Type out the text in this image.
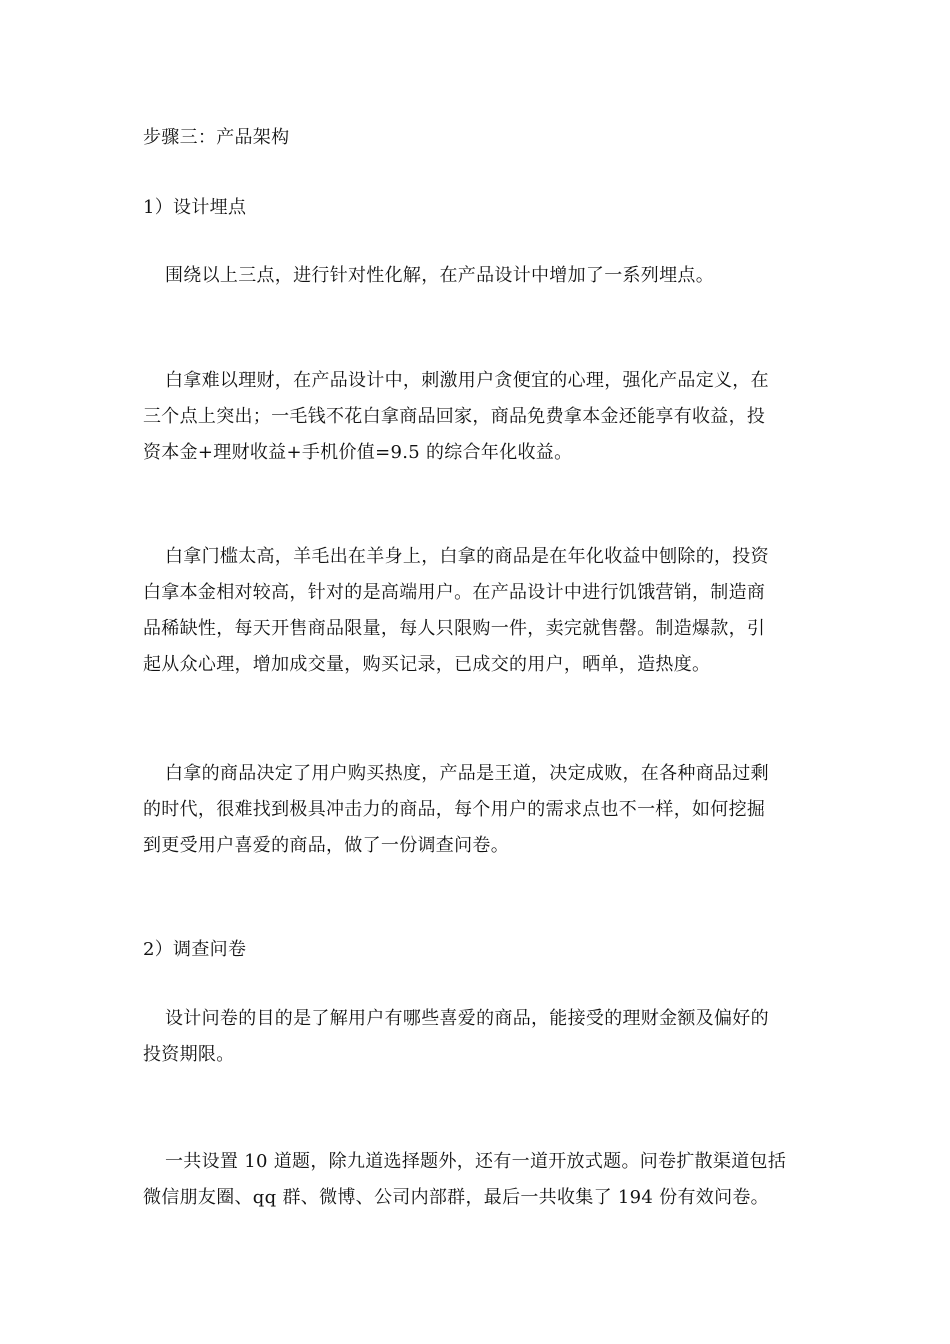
步骤三：产品架构
1）设计埋点
围绕以上三点，进行针对性化解，在产品设计中增加了一系列埋点。
白拿难以理财，在产品设计中，刺激用户贪便宜的心理，强化产品定义，在
三个点上突出；一毛钱不花白拿商品回家，商品免费拿本金还能享有收益，投
资本金+理财收益+手机价值=9.5 的综合年化收益。
白拿门槛太高，羊毛出在羊身上，白拿的商品是在年化收益中刨除的，投资
白拿本金相对较高，针对的是高端用户。在产品设计中进行饥饿营销，制造商
品稀缺性，每天开售商品限量，每人只限购一件，卖完就售罄。制造爆款，引
起从众心理，增加成交量，购买记录，已成交的用户，晒单，造热度。
白拿的商品决定了用户购买热度，产品是王道，决定成败，在各种商品过剩
的时代，很难找到极具冲击力的商品，每个用户的需求点也不一样，如何挖掘
到更受用户喜爱的商品，做了一份调查问卷。
2）调查问卷
设计问卷的目的是了解用户有哪些喜爱的商品，能接受的理财金额及偏好的
投资期限。
一共设置 10 道题，除九道选择题外，还有一道开放式题。问卷扩散渠道包括
微信朋友圈、qq 群、微博、公司内部群，最后一共收集了 194 份有效问卷。
